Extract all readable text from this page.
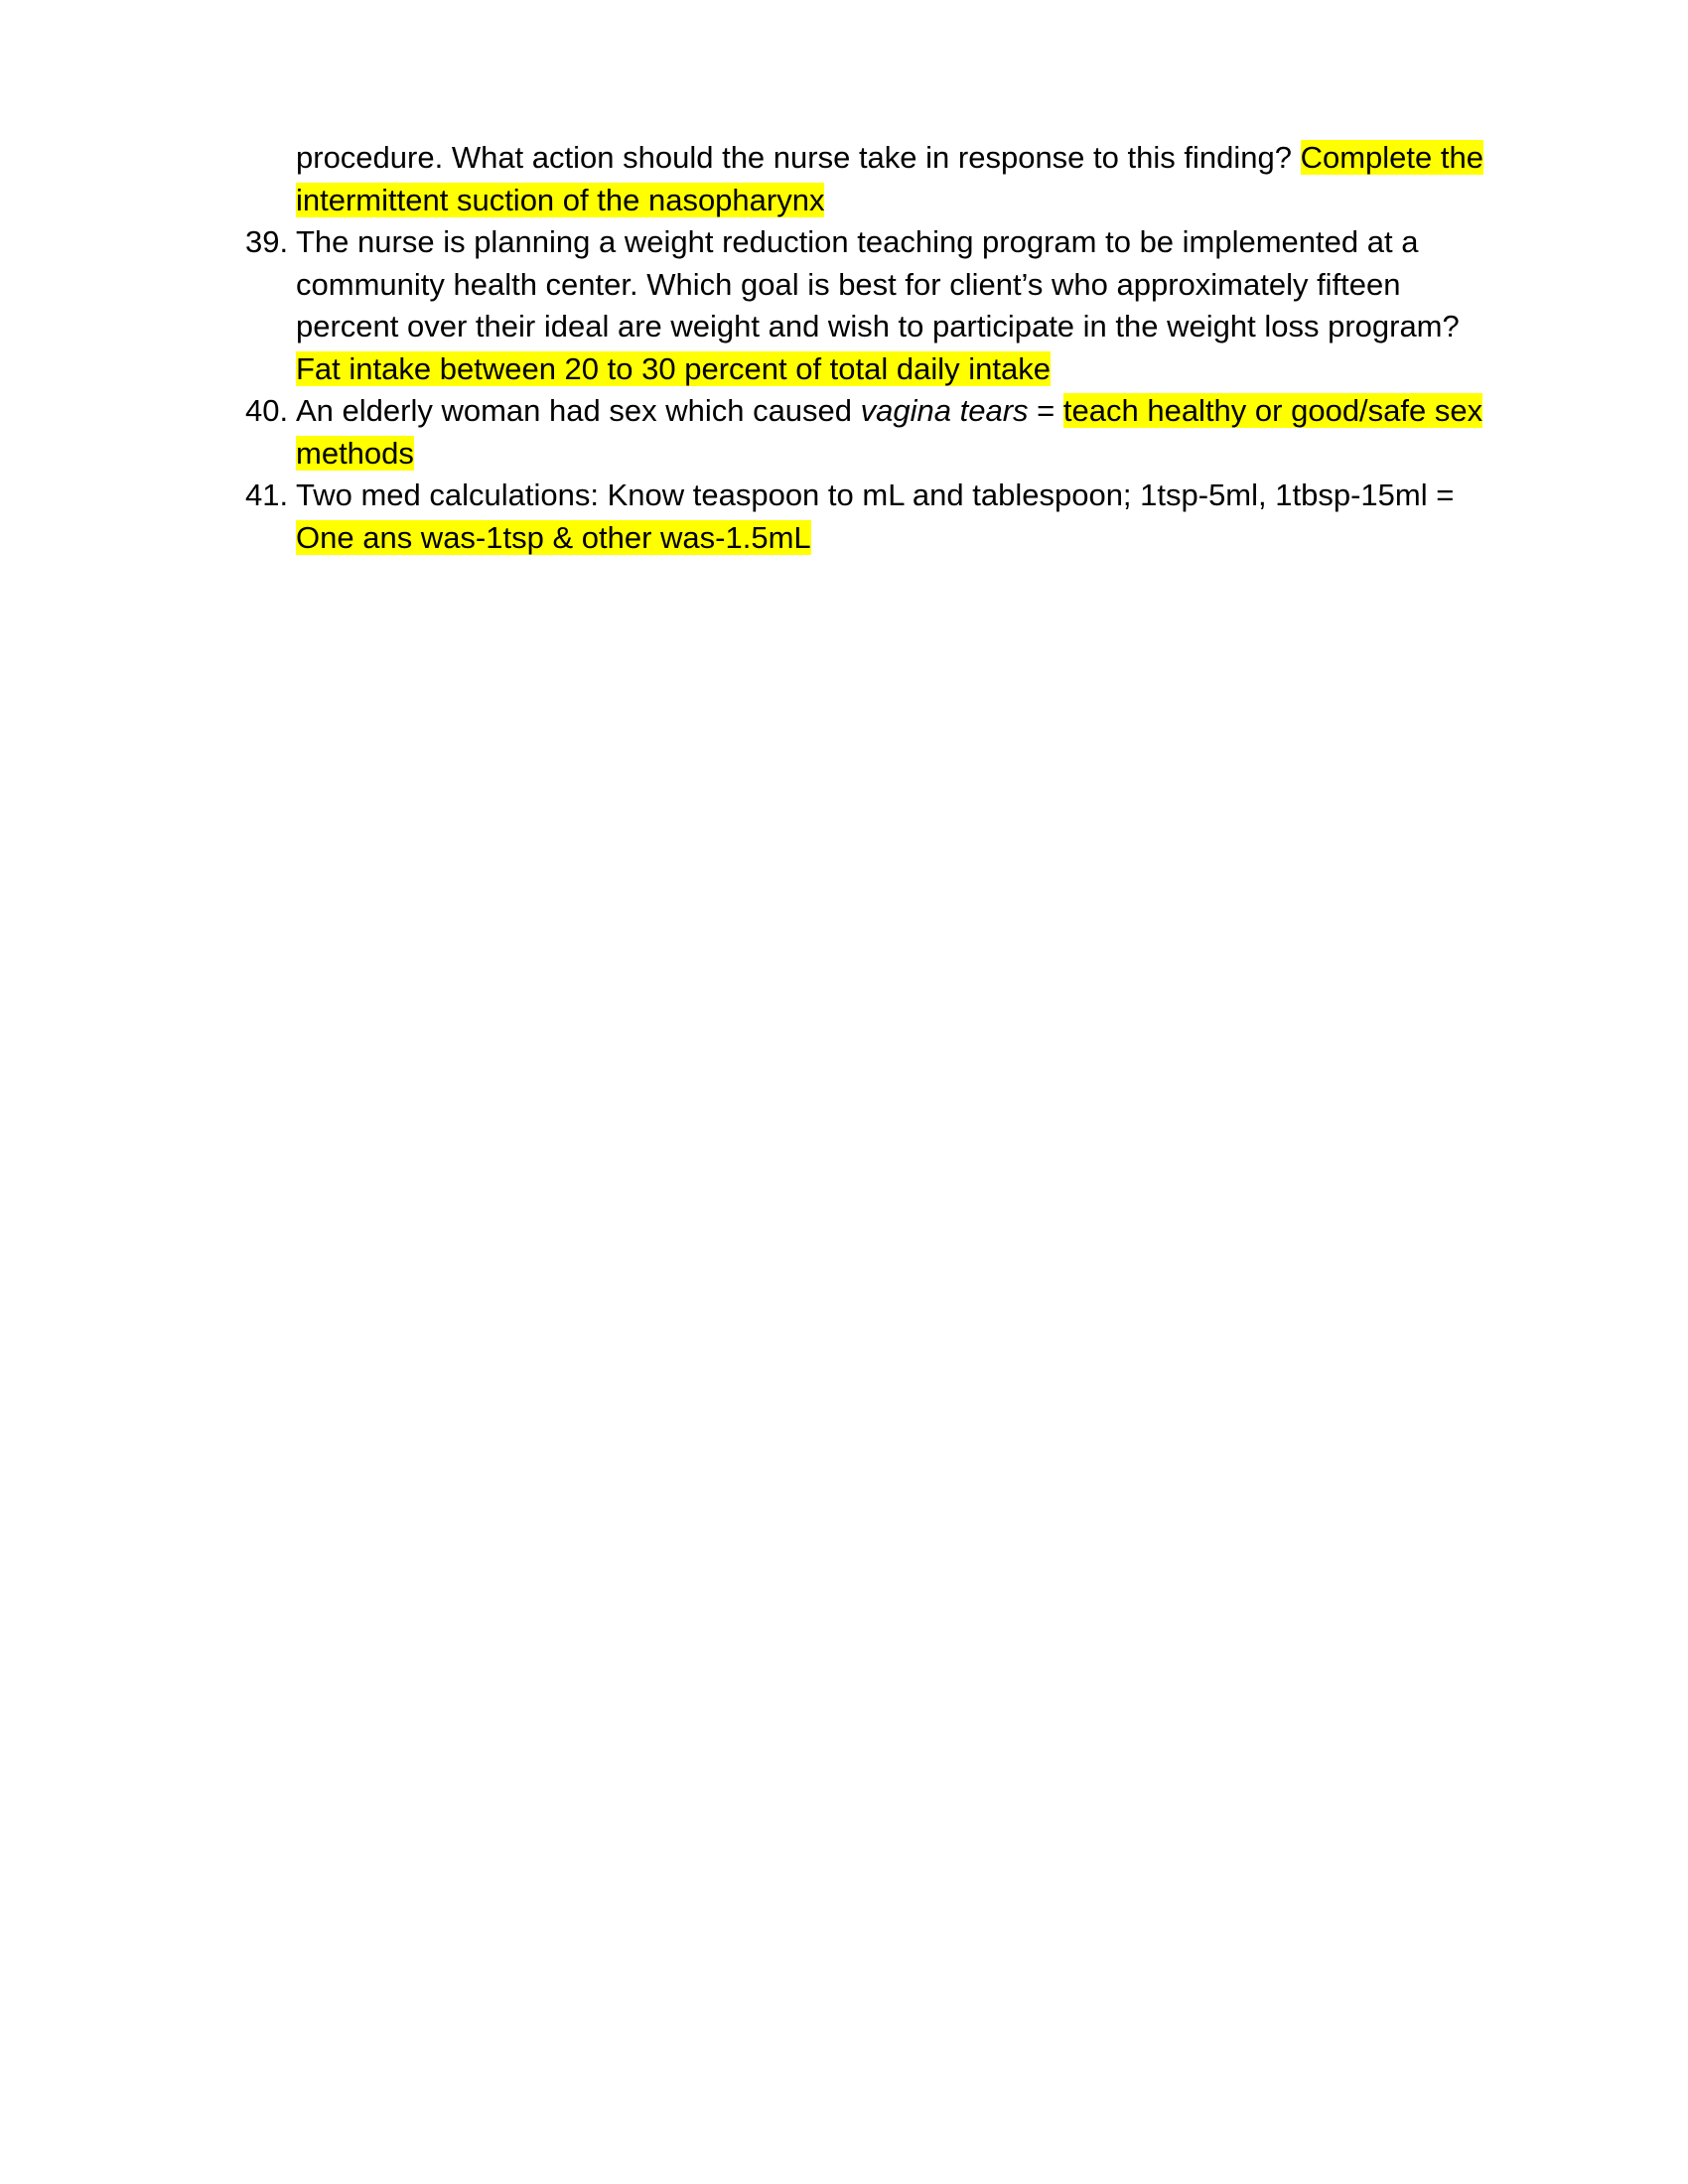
procedure. What action should the nurse take in response to this finding? Complete the intermittent suction of the nasopharynx

39. The nurse is planning a weight reduction teaching program to be implemented at a community health center. Which goal is best for client’s who approximately fifteen percent over their ideal are weight and wish to participate in the weight loss program? Fat intake between 20 to 30 percent of total daily intake
40. An elderly woman had sex which caused vagina tears = teach healthy or good/safe sex methods
41. Two med calculations: Know teaspoon to mL and tablespoon; 1tsp-5ml, 1tbsp-15ml = One ans was-1tsp & other was-1.5mL
